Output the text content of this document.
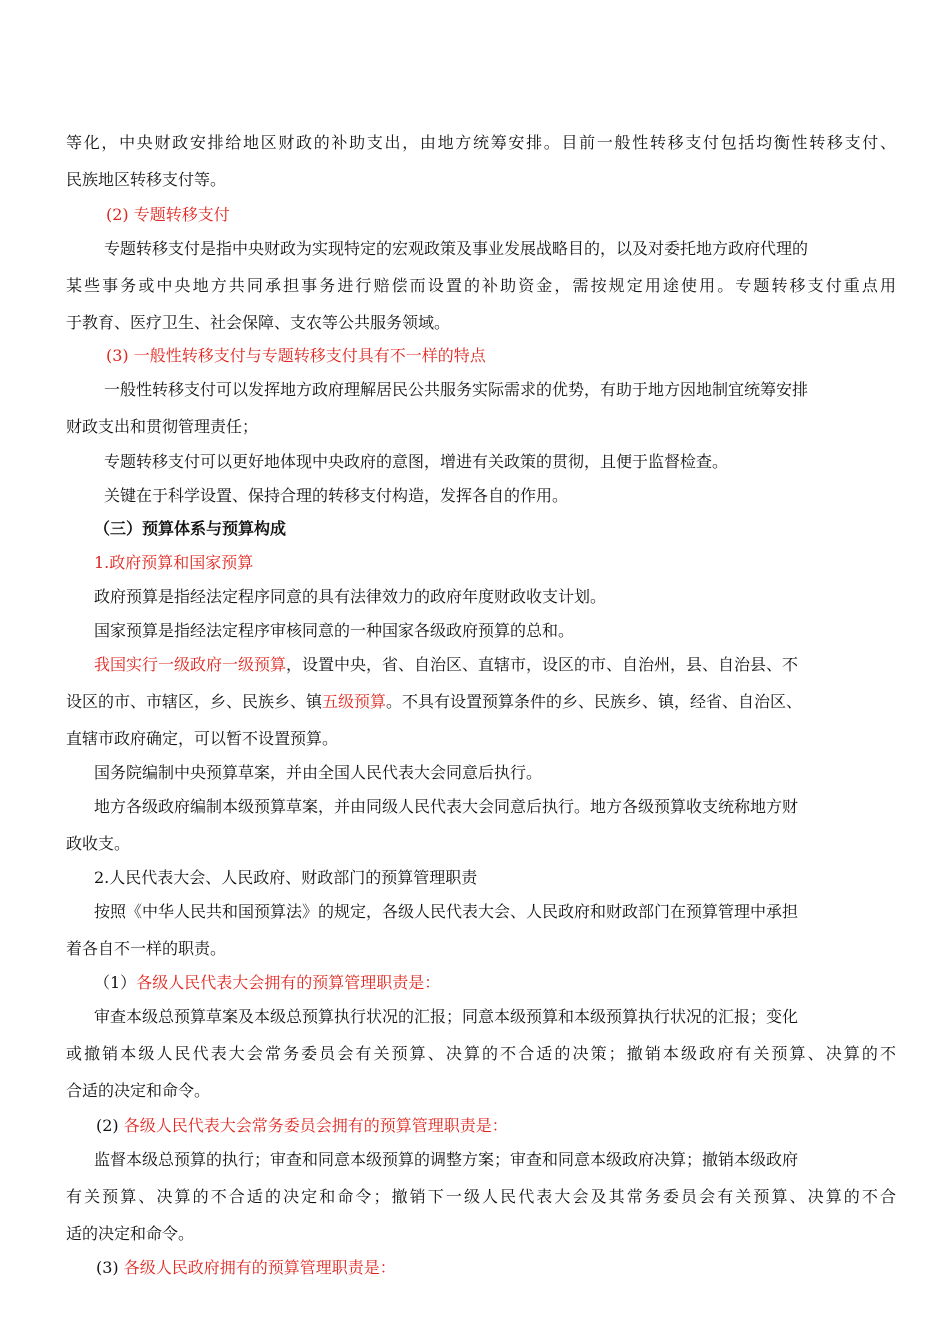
等化，中央财政安排给地区财政的补助支出，由地方统筹安排。目前一般性转移支付包括均衡性转移支付、
民族地区转移支付等。
(2) 专题转移支付
专题转移支付是指中央财政为实现特定的宏观政策及事业发展战略目的，以及对委托地方政府代理的
某些事务或中央地方共同承担事务进行赔偿而设置的补助资金，需按规定用途使用。专题转移支付重点用
于教育、医疗卫生、社会保障、支农等公共服务领域。
(3) 一般性转移支付与专题转移支付具有不一样的特点
一般性转移支付可以发挥地方政府理解居民公共服务实际需求的优势，有助于地方因地制宜统筹安排
财政支出和贯彻管理责任；
专题转移支付可以更好地体现中央政府的意图，增进有关政策的贯彻，且便于监督检查。
关键在于科学设置、保持合理的转移支付构造，发挥各自的作用。
（三）预算体系与预算构成
1.政府预算和国家预算
政府预算是指经法定程序同意的具有法律效力的政府年度财政收支计划。
国家预算是指经法定程序审核同意的一种国家各级政府预算的总和。
我国实行一级政府一级预算，设置中央，省、自治区、直辖市，设区的市、自治州，县、自治县、不
设区的市、市辖区，乡、民族乡、镇五级预算。不具有设置预算条件的乡、民族乡、镇，经省、自治区、
直辖市政府确定，可以暂不设置预算。
国务院编制中央预算草案，并由全国人民代表大会同意后执行。
地方各级政府编制本级预算草案，并由同级人民代表大会同意后执行。地方各级预算收支统称地方财
政收支。
2.人民代表大会、人民政府、财政部门的预算管理职责
按照《中华人民共和国预算法》的规定，各级人民代表大会、人民政府和财政部门在预算管理中承担
着各自不一样的职责。
（1）各级人民代表大会拥有的预算管理职责是：
审查本级总预算草案及本级总预算执行状况的汇报；同意本级预算和本级预算执行状况的汇报；变化
或撤销本级人民代表大会常务委员会有关预算、决算的不合适的决策；撤销本级政府有关预算、决算的不
合适的决定和命令。
(2) 各级人民代表大会常务委员会拥有的预算管理职责是：
监督本级总预算的执行；审查和同意本级预算的调整方案；审查和同意本级政府决算；撤销本级政府
有关预算、决算的不合适的决定和命令；撤销下一级人民代表大会及其常务委员会有关预算、决算的不合
适的决定和命令。
(3) 各级人民政府拥有的预算管理职责是：
